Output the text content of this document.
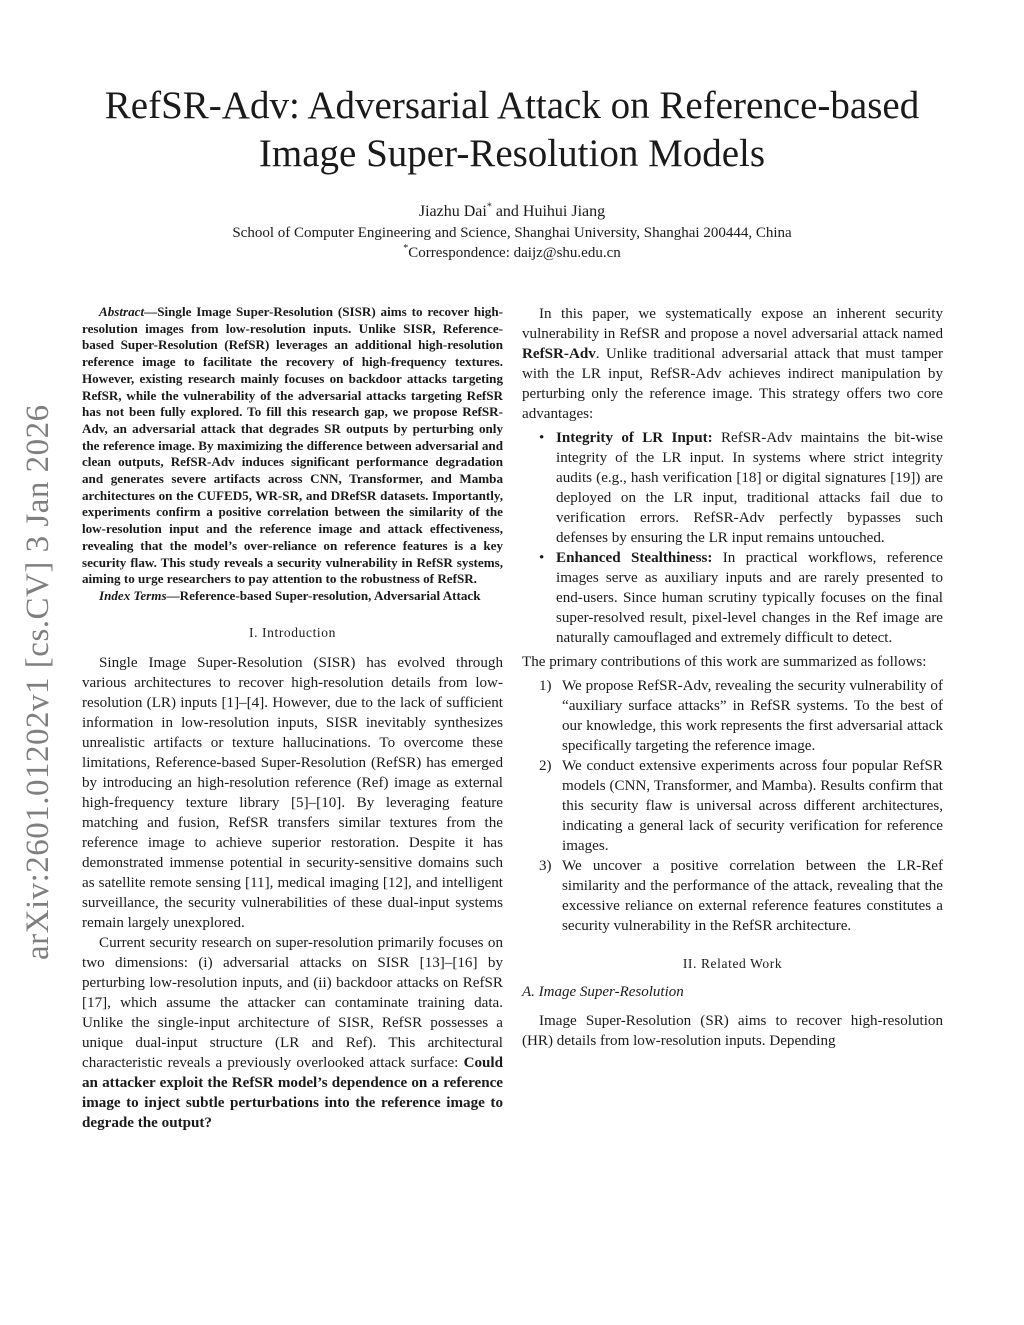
arXiv:2601.01202v1 [cs.CV] 3 Jan 2026
RefSR-Adv: Adversarial Attack on Reference-based
Image Super-Resolution Models
Jiazhu Dai* and Huihui Jiang
School of Computer Engineering and Science, Shanghai University, Shanghai 200444, China
*Correspondence: daijz@shu.edu.cn

Abstract—Single Image Super-Resolution (SISR) aims to recover high-resolution images from low-resolution inputs. Unlike SISR, Reference-based Super-Resolution (RefSR) leverages an additional high-resolution reference image to facilitate the recovery of high-frequency textures. However, existing research mainly focuses on backdoor attacks targeting RefSR, while the vulnerability of the adversarial attacks targeting RefSR has not been fully explored. To fill this research gap, we propose RefSR-Adv, an adversarial attack that degrades SR outputs by perturbing only the reference image. By maximizing the difference between adversarial and clean outputs, RefSR-Adv induces significant performance degradation and generates severe artifacts across CNN, Transformer, and Mamba architectures on the CUFED5, WR-SR, and DRefSR datasets. Importantly, experiments confirm a positive correlation between the similarity of the low-resolution input and the reference image and attack effectiveness, revealing that the model’s over-reliance on reference features is a key security flaw. This study reveals a security vulnerability in RefSR systems, aiming to urge researchers to pay attention to the robustness of RefSR.

Index Terms—Reference-based Super-resolution, Adversarial Attack

I. Introduction

Single Image Super-Resolution (SISR) has evolved through various architectures to recover high-resolution details from low-resolution (LR) inputs [1]–[4]. However, due to the lack of sufficient information in low-resolution inputs, SISR inevitably synthesizes unrealistic artifacts or texture hallucinations. To overcome these limitations, Reference-based Super-Resolution (RefSR) has emerged by introducing an high-resolution reference (Ref) image as external high-frequency texture library [5]–[10]. By leveraging feature matching and fusion, RefSR transfers similar textures from the reference image to achieve superior restoration. Despite it has demonstrated immense potential in security-sensitive domains such as satellite remote sensing [11], medical imaging [12], and intelligent surveillance, the security vulnerabilities of these dual-input systems remain largely unexplored.

Current security research on super-resolution primarily focuses on two dimensions: (i) adversarial attacks on SISR [13]–[16] by perturbing low-resolution inputs, and (ii) backdoor attacks on RefSR [17], which assume the attacker can contaminate training data. Unlike the single-input architecture of SISR, RefSR possesses a unique dual-input structure (LR and Ref). This architectural characteristic reveals a previously overlooked attack surface: Could an attacker exploit the RefSR model’s dependence on a reference image to inject subtle perturbations into the reference image to degrade the output?

In this paper, we systematically expose an inherent security vulnerability in RefSR and propose a novel adversarial attack named RefSR-Adv. Unlike traditional adversarial attack that must tamper with the LR input, RefSR-Adv achieves indirect manipulation by perturbing only the reference image. This strategy offers two core advantages:

• Integrity of LR Input: RefSR-Adv maintains the bit-wise integrity of the LR input. In systems where strict integrity audits (e.g., hash verification [18] or digital signatures [19]) are deployed on the LR input, traditional attacks fail due to verification errors. RefSR-Adv perfectly bypasses such defenses by ensuring the LR input remains untouched.
• Enhanced Stealthiness: In practical workflows, reference images serve as auxiliary inputs and are rarely presented to end-users. Since human scrutiny typically focuses on the final super-resolved result, pixel-level changes in the Ref image are naturally camouflaged and extremely difficult to detect.

The primary contributions of this work are summarized as follows:

1) We propose RefSR-Adv, revealing the security vulnerability of “auxiliary surface attacks” in RefSR systems. To the best of our knowledge, this work represents the first adversarial attack specifically targeting the reference image.
2) We conduct extensive experiments across four popular RefSR models (CNN, Transformer, and Mamba). Results confirm that this security flaw is universal across different architectures, indicating a general lack of security verification for reference images.
3) We uncover a positive correlation between the LR-Ref similarity and the performance of the attack, revealing that the excessive reliance on external reference features constitutes a security vulnerability in the RefSR architecture.
II. Related Work
A. Image Super-Resolution

Image Super-Resolution (SR) aims to recover high-resolution (HR) details from low-resolution inputs. Depending
